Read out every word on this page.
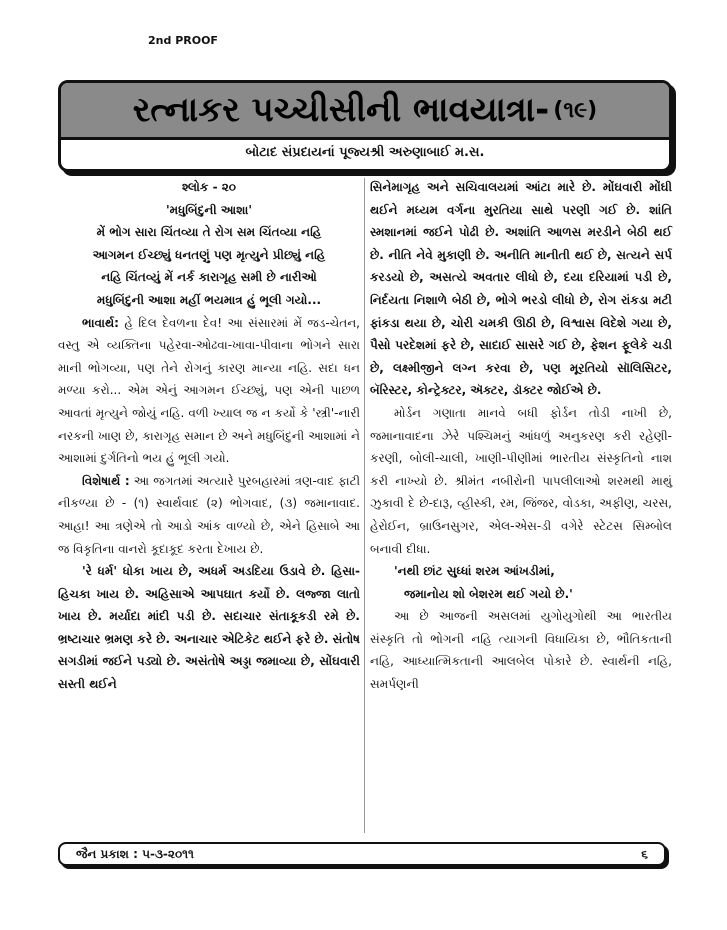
2nd PROOF
રત્નાકર પચ્ચીસીની ભાવયાત્રા- (૧૯)
બોટાદ સંપ્રદાયનાં પૂજ્યશ્રી અરુણાબાઈ મ.સ.

શ્લોક - ૨૦

'મધુબિંદુની આશા'

મેં ભોગ સારા ચિંતવ્યા તે રોગ સમ ચિંતવ્યા નહિ

આગમન ઈચ્છ્યું ધનતણું પણ મૃત્યુને પ્રીછ્યું નહિ

નહિ ચિંતવ્યું મેં નર્ક કારાગૃહ સમી છે નારીઓ

મધુબિંદુની આશા મહીં ભયમાત્ર હું ભૂલી ગયો...

ભાવાર્થ: હે દિલ દેવળના દેવ! આ સંસારમાં મેં જડ-ચેતન, વસ્તુ એ વ્યક્તિના પહેરવા-ઓઢવા-ખાવા-પીવાના ભોગને સારા માની ભોગવ્યા, પણ તેને રોગનું કારણ માન્યા નહિ. સદા ધન મળ્યા કરો... એમ એનું આગમન ઈચ્છ્યું, પણ એની પાછળ આવતાં મૃત્યુને જોયું નહિ. વળી ખ્યાલ જ ન કર્યો કે 'સ્ત્રી'-નારી નરકની ખાણ છે, કારાગૃહ સમાન છે અને મધુબિંદુની આશામાં ને આશામાં દુર્ગતિનો ભય હું ભૂલી ગયો.

વિશેષાર્થ : આ જગતમાં અત્યારે પુરબહારમાં ત્રણ-વાદ ફાટી નીકળ્યા છે - (૧) સ્વાર્થવાદ (૨) ભોગવાદ, (૩) જમાનાવાદ. આહા! આ ત્રણેએ તો આડો આંક વાળ્યો છે, એને હિસાબે આ જ વિકૃતિના વાનરો કૂદાકૂદ કરતા દેખાય છે.

'રે ધર્મ' ધોકા ખાય છે, અધર્મ અડદિયા ઉડાવે છે. હિસા-હિચકા ખાય છે. અહિસાએ આપઘાત કર્યો છે. લજ્જા લાતો ખાય છે. મર્યાદા માંદી પડી છે. સદાચાર સંતાકૂકડી રમે છે. ભ્રષ્ટાચાર ભ્રમણ કરે છે. અનાચાર એટિકેટ થઈને ફરે છે. સંતોષ સગડીમાં જઈને પડ્યો છે. અસંતોષે અડ્ડા જમાવ્યા છે, સોંઘવારી સસ્તી થઈને

સિનેમાગૃહ અને સચિવાલયમાં આંટા મારે છે. મોંઘવારી મોંઘી થઈને મધ્યમ વર્ગના મુરતિયા સાથે પરણી ગઈ છે. શાંતિ સ્મશાનમાં જઈને પોઢી છે. અશાંતિ આળસ મરડીને બેઠી થઈ છે. નીતિ નેવે મુકાણી છે. અનીતિ માનીતી થઈ છે, સત્યને સર્પ કરડયો છે, અસત્યે અવતાર લીધો છે, દયા દરિયામાં પડી છે, નિર્દયતા નિશાળે બેઠી છે, ભોગે ભરડો લીધો છે, રોગ રાંકડા મટી ફાંકડા થયા છે, ચોરી ચમકી ઊઠી છે, વિશ્વાસ વિદેશે ગયા છે, પૈસો પરદેશમાં ફરે છે, સાદાઈ સાસરે ગઈ છે, ફેશન ફૂલેકે ચડી છે, લક્ષ્મીજીને લગ્ન કરવા છે, પણ મૂરતિયો સૉલિસિટર, બૅરિસ્ટર, કોન્ટ્રેક્ટર, ઍક્ટર, ડૉક્ટર જોઈએ છે.

મોર્ડન ગણાતા માનવે બધી ફોર્ડન તોડી નાખી છે, જમાનાવાદના ઝેરે પશ્ચિમનું આંધળું અનુકરણ કરી રહેણી-કરણી, બોલી-ચાલી, ખાણી-પીણીમાં ભારતીય સંસ્કૃતિનો નાશ કરી નાખ્યો છે. શ્રીમંત નબીરોની પાપલીલાઓ શરમથી માથું ઝુકાવી દે છે-દારૂ, વ્હીસ્કી, રમ, જિંજર, વોડકા, અફીણ, ચરસ, હેરોઈન, બ્રાઉનસુગર, એલ-એસ-ડી વગેરે સ્ટેટસ સિમ્બોલ બનાવી દીધા.

'નથી છાંટ સુધ્ધાં શરમ આંખડીમાં,

જમાનોય શો બેશરમ થઈ ગયો છે.'

આ છે આજની અસલમાં યુગોયુગોથી આ ભારતીય સંસ્કૃતિ તો ભોગની નહિ ત્યાગની વિધાયિકા છે, ભૌતિકતાની નહિ, આધ્યાત્મિકતાની આલબેલ પોકારે છે. સ્વાર્થની નહિ, સમર્પણની

જૈન પ્રકાશ : ૫-૩-૨૦૧૧	૬
